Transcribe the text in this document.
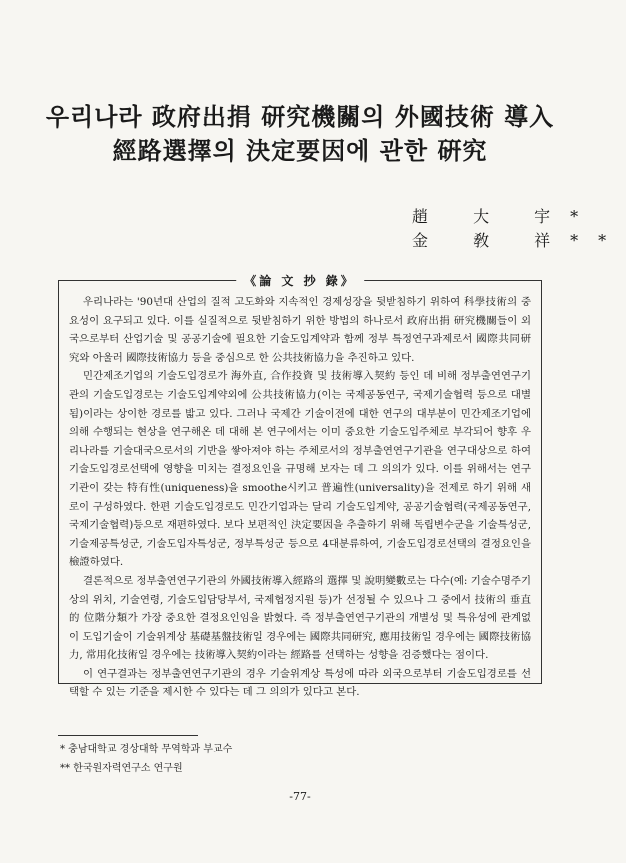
우리나라 政府出捐 研究機關의 外國技術 導入
經路選擇의 決定要因에 관한 硏究
趙 大 宇*
金 敎 祥**
《論 文 抄 錄》

우리나라는 '90년대 산업의 질적 고도화와 지속적인 경제성장을 뒷받침하기 위하여 科學技術의 중요성이 요구되고 있다. 이를 실질적으로 뒷받침하기 위한 방법의 하나로서 政府出捐 研究機關들이 외국으로부터 산업기술 및 공공기술에 필요한 기술도입계약과 함께 정부 특정연구과제로서 國際共同研究와 아울러 國際技術協力 등을 중심으로 한 公共技術協力을 추진하고 있다.

민간제조기업의 기술도입경로가 海外直, 合作投資 및 技術導入契約 등인 데 비해 정부출연연구기관의 기술도입경로는 기술도입계약외에 公共技術協力(이는 국제공동연구, 국제기술협력 등으로 대별됨)이라는 상이한 경로를 밟고 있다. 그러나 국제간 기술이전에 대한 연구의 대부분이 민간제조기업에 의해 수행되는 현상을 연구해온 데 대해 본 연구에서는 이미 중요한 기술도입주체로 부각되어 향후 우리나라를 기술대국으로서의 기반을 쌓아져야 하는 주체로서의 정부출연연구기관을 연구대상으로 하여 기술도입경로선택에 영향을 미치는 결정요인을 규명해 보자는 데 그 의의가 있다. 이를 위해서는 연구기관이 갖는 特有性(uniqueness)을 smoothe시키고 普遍性(universality)을 전제로 하기 위해 새로이 구성하였다. 한편 기술도입경로도 민간기업과는 달리 기술도입계약, 공공기술협력(국제공동연구, 국제기술협력)등으로 재편하였다. 보다 보편적인 決定要因을 추출하기 위해 독립변수군을 기술특성군, 기술제공특성군, 기술도입자특성군, 정부특성군 등으로 4대분류하여, 기술도입경로선택의 결정요인을 檢證하였다.

결론적으로 정부출연연구기관의 外國技術導入經路의 選擇 및 說明變數로는 다수(예: 기술수명주기상의 위치, 기술연령, 기술도입담당부서, 국제협정지원 등)가 선정될 수 있으나 그 중에서 技術의 垂直的 位階分類가 가장 중요한 결정요인임을 밝혔다. 즉 정부출연연구기관의 개별성 및 특유성에 관계없이 도입기술이 기술위계상 基礎基盤技術일 경우에는 國際共同研究, 應用技術일 경우에는 國際技術協力, 常用化技術일 경우에는 技術導入契約이라는 經路를 선택하는 성향을 검증했다는 점이다.

이 연구결과는 정부출연연구기관의 경우 기술위계상 특성에 따라 외국으로부터 기술도입경로를 선택할 수 있는 기준을 제시한 수 있다는 데 그 의의가 있다고 본다.

* 충남대학교 경상대학 무역학과 부교수
** 한국원자력연구소 연구원
-77-
